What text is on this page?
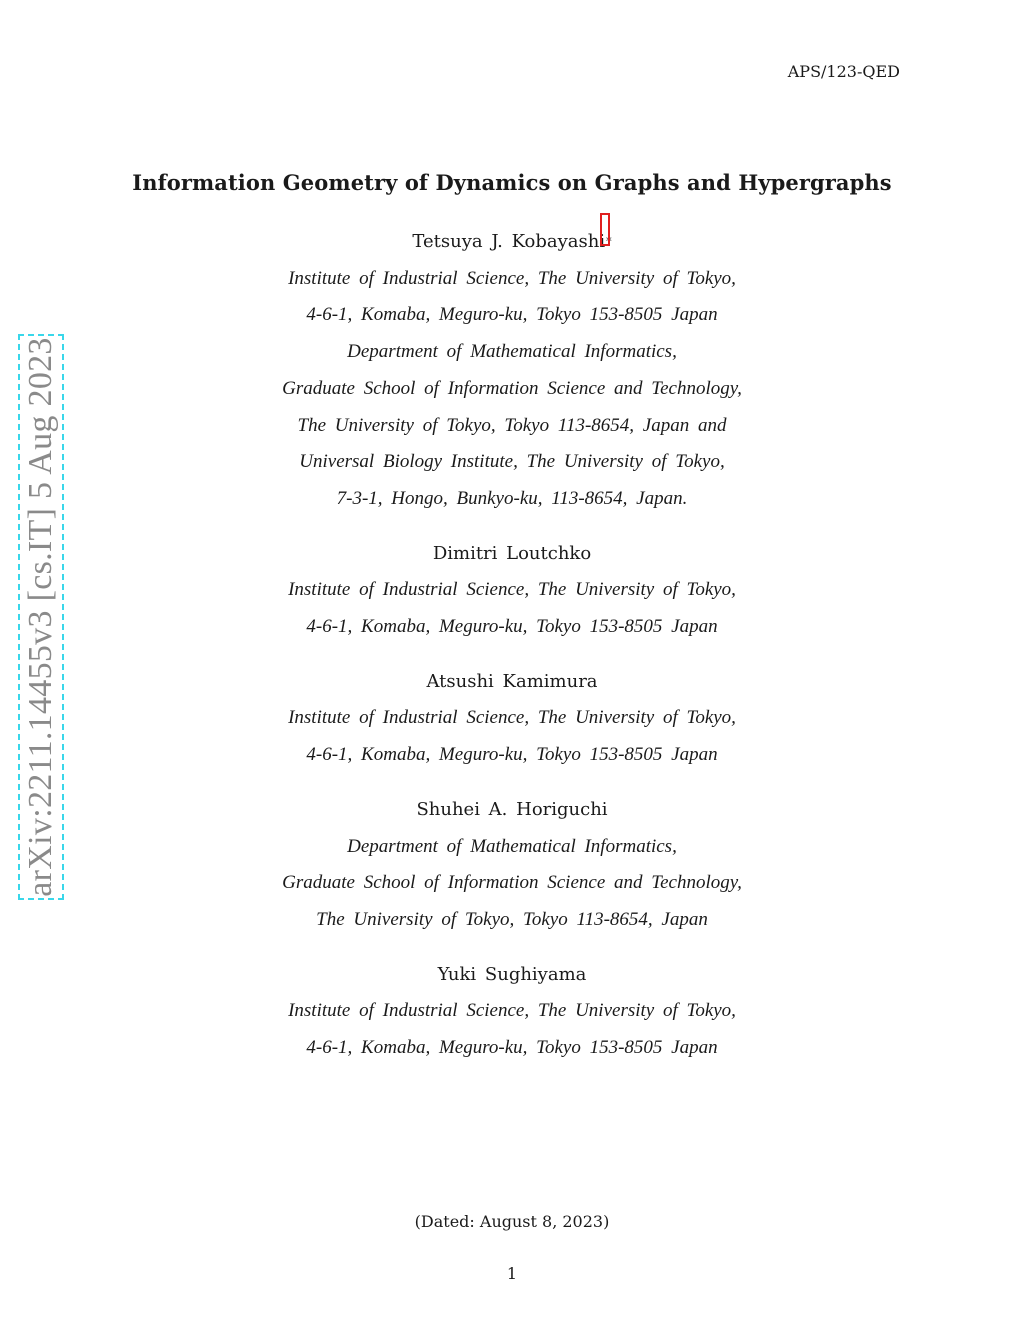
APS/123-QED
Information Geometry of Dynamics on Graphs and Hypergraphs
Tetsuya J. Kobayashi
*
Institute of Industrial Science, The University of Tokyo,
4-6-1, Komaba, Meguro-ku, Tokyo 153-8505 Japan
Department of Mathematical Informatics,
Graduate School of Information Science and Technology,
The University of Tokyo, Tokyo 113-8654, Japan and
Universal Biology Institute, The University of Tokyo,
7-3-1, Hongo, Bunkyo-ku, 113-8654, Japan.
Dimitri Loutchko
Institute of Industrial Science, The University of Tokyo,
4-6-1, Komaba, Meguro-ku, Tokyo 153-8505 Japan
Atsushi Kamimura
Institute of Industrial Science, The University of Tokyo,
4-6-1, Komaba, Meguro-ku, Tokyo 153-8505 Japan
Shuhei A. Horiguchi
Department of Mathematical Informatics,
Graduate School of Information Science and Technology,
The University of Tokyo, Tokyo 113-8654, Japan
Yuki Sughiyama
Institute of Industrial Science, The University of Tokyo,
4-6-1, Komaba, Meguro-ku, Tokyo 153-8505 Japan
(Dated: August 8, 2023)
1
arXiv:2211.14455v3 [cs.IT] 5 Aug 2023
